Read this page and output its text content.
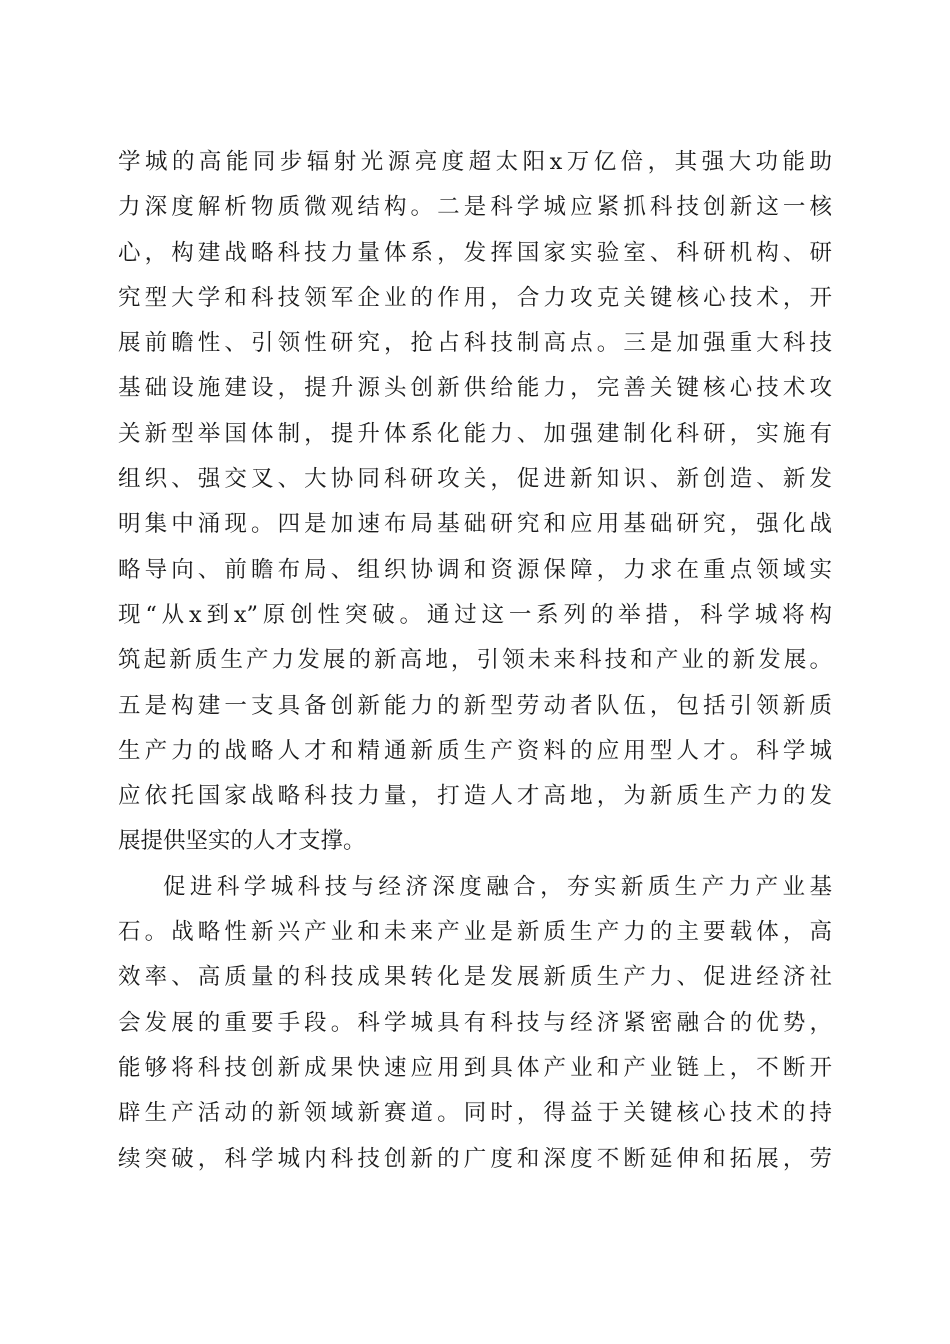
学城的高能同步辐射光源亮度超太阳x万亿倍，其强大功能助
力深度解析物质微观结构。二是科学城应紧抓科技创新这一核
心，构建战略科技力量体系，发挥国家实验室、科研机构、研
究型大学和科技领军企业的作用，合力攻克关键核心技术，开
展前瞻性、引领性研究，抢占科技制高点。三是加强重大科技
基础设施建设，提升源头创新供给能力，完善关键核心技术攻
关新型举国体制，提升体系化能力、加强建制化科研，实施有
组织、强交叉、大协同科研攻关，促进新知识、新创造、新发
明集中涌现。四是加速布局基础研究和应用基础研究，强化战
略导向、前瞻布局、组织协调和资源保障，力求在重点领域实
现“从x到x”原创性突破。通过这一系列的举措，科学城将构
筑起新质生产力发展的新高地，引领未来科技和产业的新发展。
五是构建一支具备创新能力的新型劳动者队伍，包括引领新质
生产力的战略人才和精通新质生产资料的应用型人才。科学城
应依托国家战略科技力量，打造人才高地，为新质生产力的发
展提供坚实的人才支撑。
促进科学城科技与经济深度融合，夯实新质生产力产业基
石。战略性新兴产业和未来产业是新质生产力的主要载体，高
效率、高质量的科技成果转化是发展新质生产力、促进经济社
会发展的重要手段。科学城具有科技与经济紧密融合的优势，
能够将科技创新成果快速应用到具体产业和产业链上，不断开
辟生产活动的新领域新赛道。同时，得益于关键核心技术的持
续突破，科学城内科技创新的广度和深度不断延伸和拓展，劳
